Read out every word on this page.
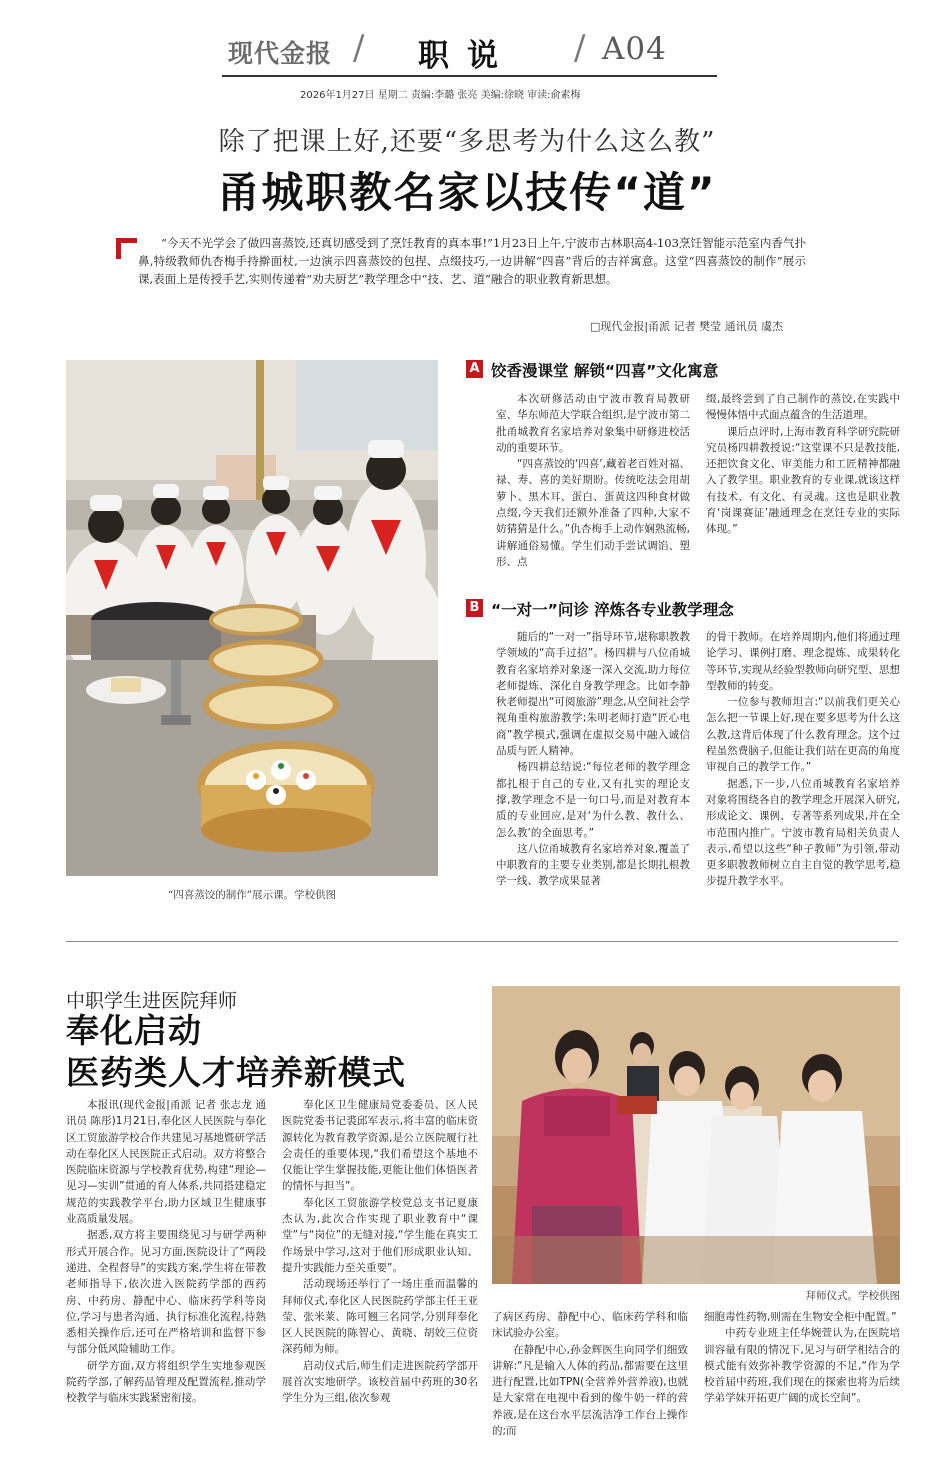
现代金报 / 职说 / A04
2026年1月27日 星期二 责编:李璐 张亮 美编:徐晓 审读:俞素梅
除了把课上好,还要“多思考为什么这么教”
甬城职教名家以技传“道”
“今天不光学会了做四喜蒸饺,还真切感受到了烹饪教育的真本事!”1月23日上午,宁波市古林职高4-103烹饪智能示范室内香气扑鼻,特级教师仇杏梅手持擀面杖,一边演示四喜蒸饺的包捏、点缀技巧,一边讲解“四喜”背后的吉祥寓意。这堂“四喜蒸饺的制作”展示课,表面上是传授手艺,实则传递着“劝夫厨艺”教学理念中“技、艺、道”融合的职业教育新思想。
□现代金报|甬派 记者 樊莹 通讯员 虞杰
“四喜蒸饺的制作”展示课。学校供图
A 饺香漫课堂 解锁“四喜”文化寓意

本次研修活动由宁波市教育局教研室、华东师范大学联合组织,是宁波市第二批甬城教育名家培养对象集中研修进校活动的重要环节。

“四喜蒸饺的‘四喜’,藏着老百姓对福、禄、寿、喜的美好期盼。传统吃法会用胡萝卜、黑木耳、蛋白、蛋黄这四种食材做点缀,今天我们还额外准备了四种,大家不妨猜猜是什么。”仇杏梅手上动作娴熟流畅,讲解通俗易懂。学生们动手尝试调馅、塑形、点

缀,最终尝到了自己制作的蒸饺,在实践中慢慢体悟中式面点蕴含的生活道理。

课后点评时,上海市教育科学研究院研究员杨四耕教授说:“这堂课不只是教技能,还把饮食文化、审美能力和工匠精神都融入了教学里。职业教育的专业课,就该这样有技术、有文化、有灵魂。这也是职业教育‘岗课赛证’融通理念在烹饪专业的实际体现。”

B “一对一”问诊 淬炼各专业教学理念

随后的“一对一”指导环节,堪称职教教学领域的“高手过招”。杨四耕与八位甬城教育名家培养对象逐一深入交流,助力每位老师提炼、深化自身教学理念。比如李静秋老师提出“可阅旅游”理念,从空间社会学视角重构旅游教学;朱明老师打造“匠心电商”教学模式,强调在虚拟交易中融入诚信品质与匠人精神。

杨四耕总结说:“每位老师的教学理念都扎根于自己的专业,又有扎实的理论支撑,教学理念不是一句口号,而是对教育本质的专业回应,是对‘为什么教、教什么、怎么教’的全面思考。”

这八位甬城教育名家培养对象,覆盖了中职教育的主要专业类别,都是长期扎根教学一线、教学成果显著

的骨干教师。在培养周期内,他们将通过理论学习、课例打磨、理念提炼、成果转化等环节,实现从经验型教师向研究型、思想型教师的转变。

一位参与教师坦言:“以前我们更关心怎么把一节课上好,现在要多思考为什么这么教,这背后体现了什么教育理念。这个过程虽然费脑子,但能让我们站在更高的角度审视自己的教学工作。”

据悉,下一步,八位甬城教育名家培养对象将围绕各自的教学理念开展深入研究,形成论文、课例、专著等系列成果,并在全市范围内推广。宁波市教育局相关负责人表示,希望以这些“种子教师”为引领,带动更多职教教师树立自主自觉的教学思考,稳步提升教学水平。

中职学生进医院拜师
奉化启动
医药类人才培养新模式
拜师仪式。学校供图

本报讯(现代金报|甬派 记者 张志龙 通讯员 陈彤)1月21日,奉化区人民医院与奉化区工贸旅游学校合作共建见习基地暨研学活动在奉化区人民医院正式启动。双方将整合医院临床资源与学校教育优势,构建“理论—见习—实训”贯通的育人体系,共同搭建稳定规范的实践教学平台,助力区域卫生健康事业高质量发展。

据悉,双方将主要围绕见习与研学两种形式开展合作。见习方面,医院设计了“两段递进、全程督导”的实践方案,学生将在带教老师指导下,依次进入医院药学部的西药房、中药房、静配中心、临床药学科等岗位,学习与患者沟通、执行标准化流程,待熟悉相关操作后,还可在严格培训和监督下参与部分低风险辅助工作。

研学方面,双方将组织学生实地参观医院药学部,了解药品管理及配置流程,推动学校教学与临床实践紧密衔接。

奉化区卫生健康局党委委员、区人民医院党委书记裘邱军表示,将丰富的临床资源转化为教育教学资源,是公立医院履行社会责任的重要体现,“我们希望这个基地不仅能让学生掌握技能,更能让他们体悟医者的情怀与担当”。

奉化区工贸旅游学校党总支书记夏康杰认为,此次合作实现了职业教育中“课堂”与“岗位”的无缝对接,“学生能在真实工作场景中学习,这对于他们形成职业认知、提升实践能力至关重要”。

活动现场还举行了一场庄重而温馨的拜师仪式,奉化区人民医院药学部主任王亚莹、张米莱、陈可翘三名同学,分别拜奉化区人民医院的陈智心、黄晓、胡姣三位资深药师为师。

启动仪式后,师生们走进医院药学部开展首次实地研学。该校首届中药班的30名学生分为三组,依次参观

了病区药房、静配中心、临床药学科和临床试验办公室。

在静配中心,孙金辉医生向同学们细致讲解:“凡是输入人体的药品,都需要在这里进行配置,比如TPN(全营养外营养液),也就是大家常在电视中看到的像牛奶一样的营养液,是在这台水平层流洁净工作台上操作的;而

细胞毒性药物,则需在生物安全柜中配置。”

中药专业班主任华婉萱认为,在医院培训容量有限的情况下,见习与研学相结合的模式能有效弥补教学资源的不足,“作为学校首届中药班,我们现在的探索也将为后续学弟学妹开拓更广阔的成长空间”。
